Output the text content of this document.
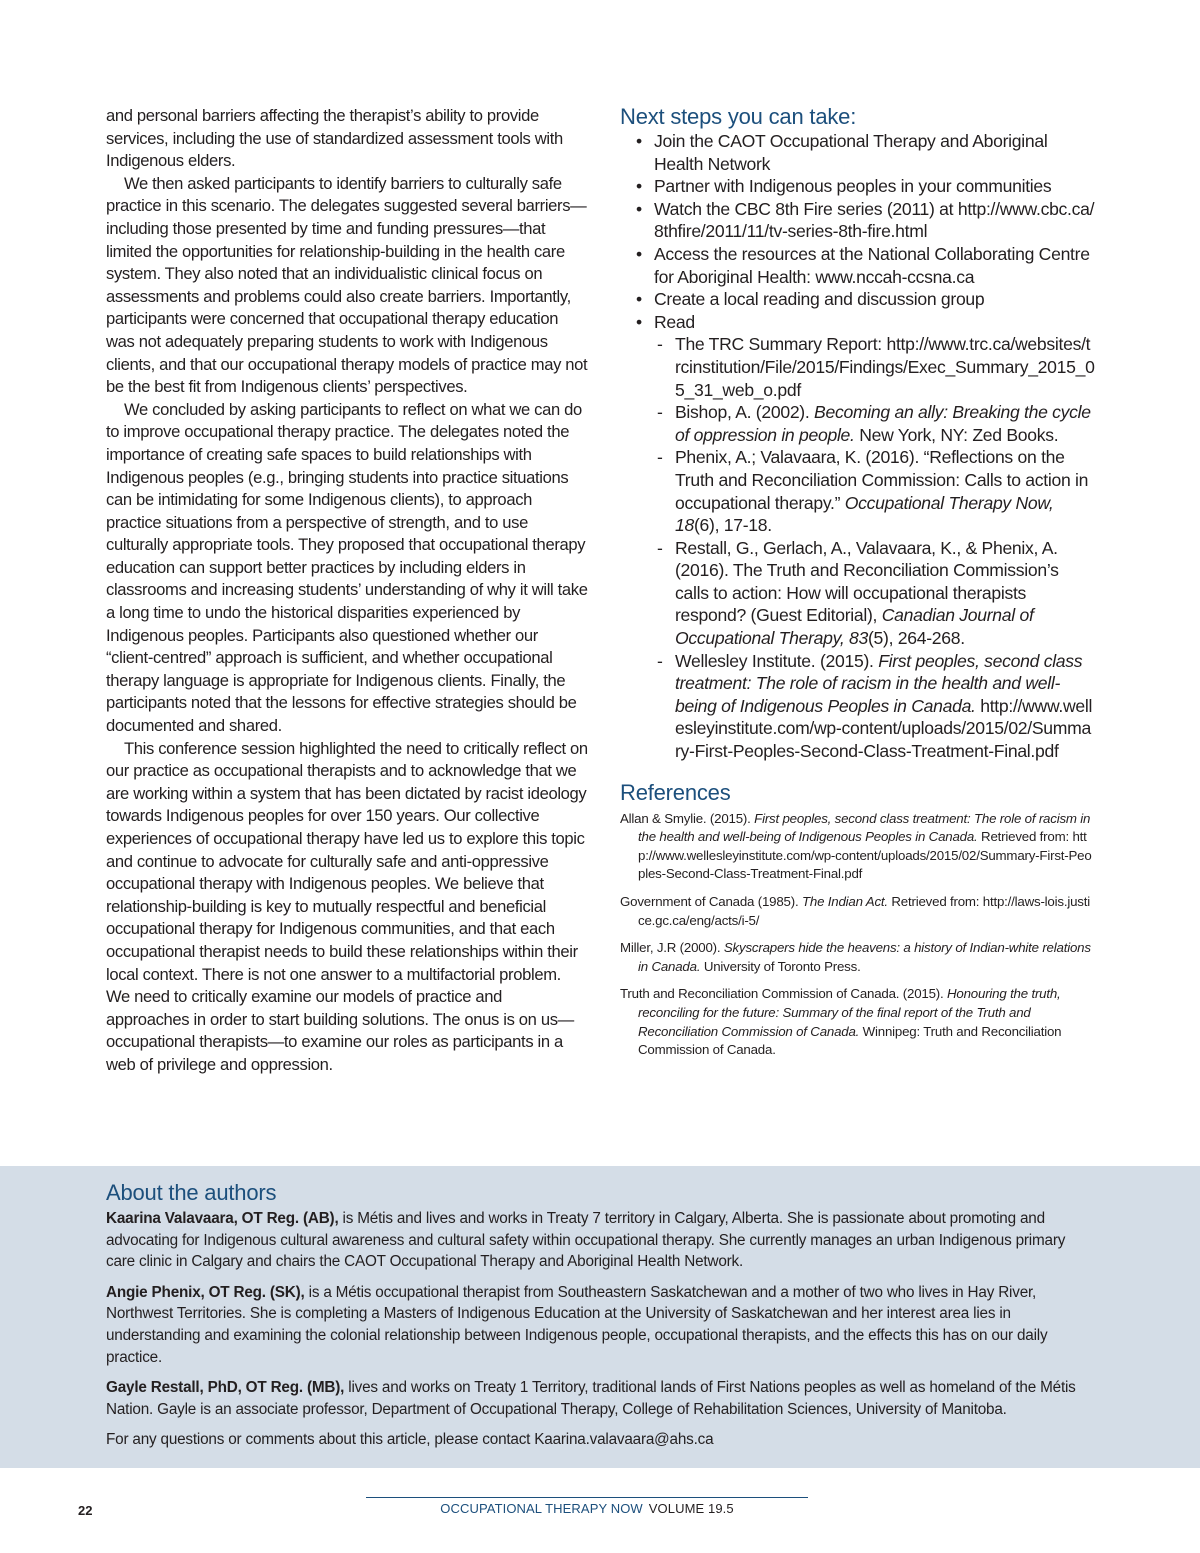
and personal barriers affecting the therapist’s ability to provide services, including the use of standardized assessment tools with Indigenous elders.

We then asked participants to identify barriers to culturally safe practice in this scenario. The delegates suggested several barriers—including those presented by time and funding pressures—that limited the opportunities for relationship-building in the health care system. They also noted that an individualistic clinical focus on assessments and problems could also create barriers. Importantly, participants were concerned that occupational therapy education was not adequately preparing students to work with Indigenous clients, and that our occupational therapy models of practice may not be the best fit from Indigenous clients’ perspectives.

We concluded by asking participants to reflect on what we can do to improve occupational therapy practice. The delegates noted the importance of creating safe spaces to build relationships with Indigenous peoples (e.g., bringing students into practice situations can be intimidating for some Indigenous clients), to approach practice situations from a perspective of strength, and to use culturally appropriate tools. They proposed that occupational therapy education can support better practices by including elders in classrooms and increasing students’ understanding of why it will take a long time to undo the historical disparities experienced by Indigenous peoples. Participants also questioned whether our “client-centred” approach is sufficient, and whether occupational therapy language is appropriate for Indigenous clients. Finally, the participants noted that the lessons for effective strategies should be documented and shared.

This conference session highlighted the need to critically reflect on our practice as occupational therapists and to acknowledge that we are working within a system that has been dictated by racist ideology towards Indigenous peoples for over 150 years. Our collective experiences of occupational therapy have led us to explore this topic and continue to advocate for culturally safe and anti-oppressive occupational therapy with Indigenous peoples. We believe that relationship-building is key to mutually respectful and beneficial occupational therapy for Indigenous communities, and that each occupational therapist needs to build these relationships within their local context. There is not one answer to a multifactorial problem. We need to critically examine our models of practice and approaches in order to start building solutions. The onus is on us—occupational therapists—to examine our roles as participants in a web of privilege and oppression.

Next steps you can take:
• Join the CAOT Occupational Therapy and Aboriginal Health Network
• Partner with Indigenous peoples in your communities
• Watch the CBC 8th Fire series (2011) at http://www.cbc.ca/8thfire/2011/11/tv-series-8th-fire.html
• Access the resources at the National Collaborating Centre for Aboriginal Health: www.nccah-ccsna.ca
• Create a local reading and discussion group
• Read
- The TRC Summary Report: http://www.trc.ca/websites/trcinstitution/File/2015/Findings/Exec_Summary_2015_05_31_web_o.pdf
- Bishop, A. (2002). Becoming an ally: Breaking the cycle of oppression in people. New York, NY: Zed Books.
- Phenix, A.; Valavaara, K. (2016). “Reflections on the Truth and Reconciliation Commission: Calls to action in occupational therapy.” Occupational Therapy Now, 18(6), 17-18.
- Restall, G., Gerlach, A., Valavaara, K., & Phenix, A. (2016). The Truth and Reconciliation Commission’s calls to action: How will occupational therapists respond? (Guest Editorial), Canadian Journal of Occupational Therapy, 83(5), 264-268.
- Wellesley Institute. (2015). First peoples, second class treatment: The role of racism in the health and well-being of Indigenous Peoples in Canada. http://www.wellesleyinstitute.com/wp-content/uploads/2015/02/Summary-First-Peoples-Second-Class-Treatment-Final.pdf
References

Allan & Smylie. (2015). First peoples, second class treatment: The role of racism in the health and well-being of Indigenous Peoples in Canada. Retrieved from: http://www.wellesleyinstitute.com/wp-content/uploads/2015/02/Summary-First-Peoples-Second-Class-Treatment-Final.pdf

Government of Canada (1985). The Indian Act. Retrieved from: http://laws-lois.justice.gc.ca/eng/acts/i-5/

Miller, J.R (2000). Skyscrapers hide the heavens: a history of Indian-white relations in Canada. University of Toronto Press.

Truth and Reconciliation Commission of Canada. (2015). Honouring the truth, reconciling for the future: Summary of the final report of the Truth and Reconciliation Commission of Canada. Winnipeg: Truth and Reconciliation Commission of Canada.

About the authors

Kaarina Valavaara, OT Reg. (AB), is Métis and lives and works in Treaty 7 territory in Calgary, Alberta. She is passionate about promoting and advocating for Indigenous cultural awareness and cultural safety within occupational therapy. She currently manages an urban Indigenous primary care clinic in Calgary and chairs the CAOT Occupational Therapy and Aboriginal Health Network.

Angie Phenix, OT Reg. (SK), is a Métis occupational therapist from Southeastern Saskatchewan and a mother of two who lives in Hay River, Northwest Territories. She is completing a Masters of Indigenous Education at the University of Saskatchewan and her interest area lies in understanding and examining the colonial relationship between Indigenous people, occupational therapists, and the effects this has on our daily practice.

Gayle Restall, PhD, OT Reg. (MB), lives and works on Treaty 1 Territory, traditional lands of First Nations peoples as well as homeland of the Métis Nation. Gayle is an associate professor, Department of Occupational Therapy, College of Rehabilitation Sciences, University of Manitoba.

For any questions or comments about this article, please contact Kaarina.valavaara@ahs.ca

22	OCCUPATIONAL THERAPY NOW VOLUME 19.5
